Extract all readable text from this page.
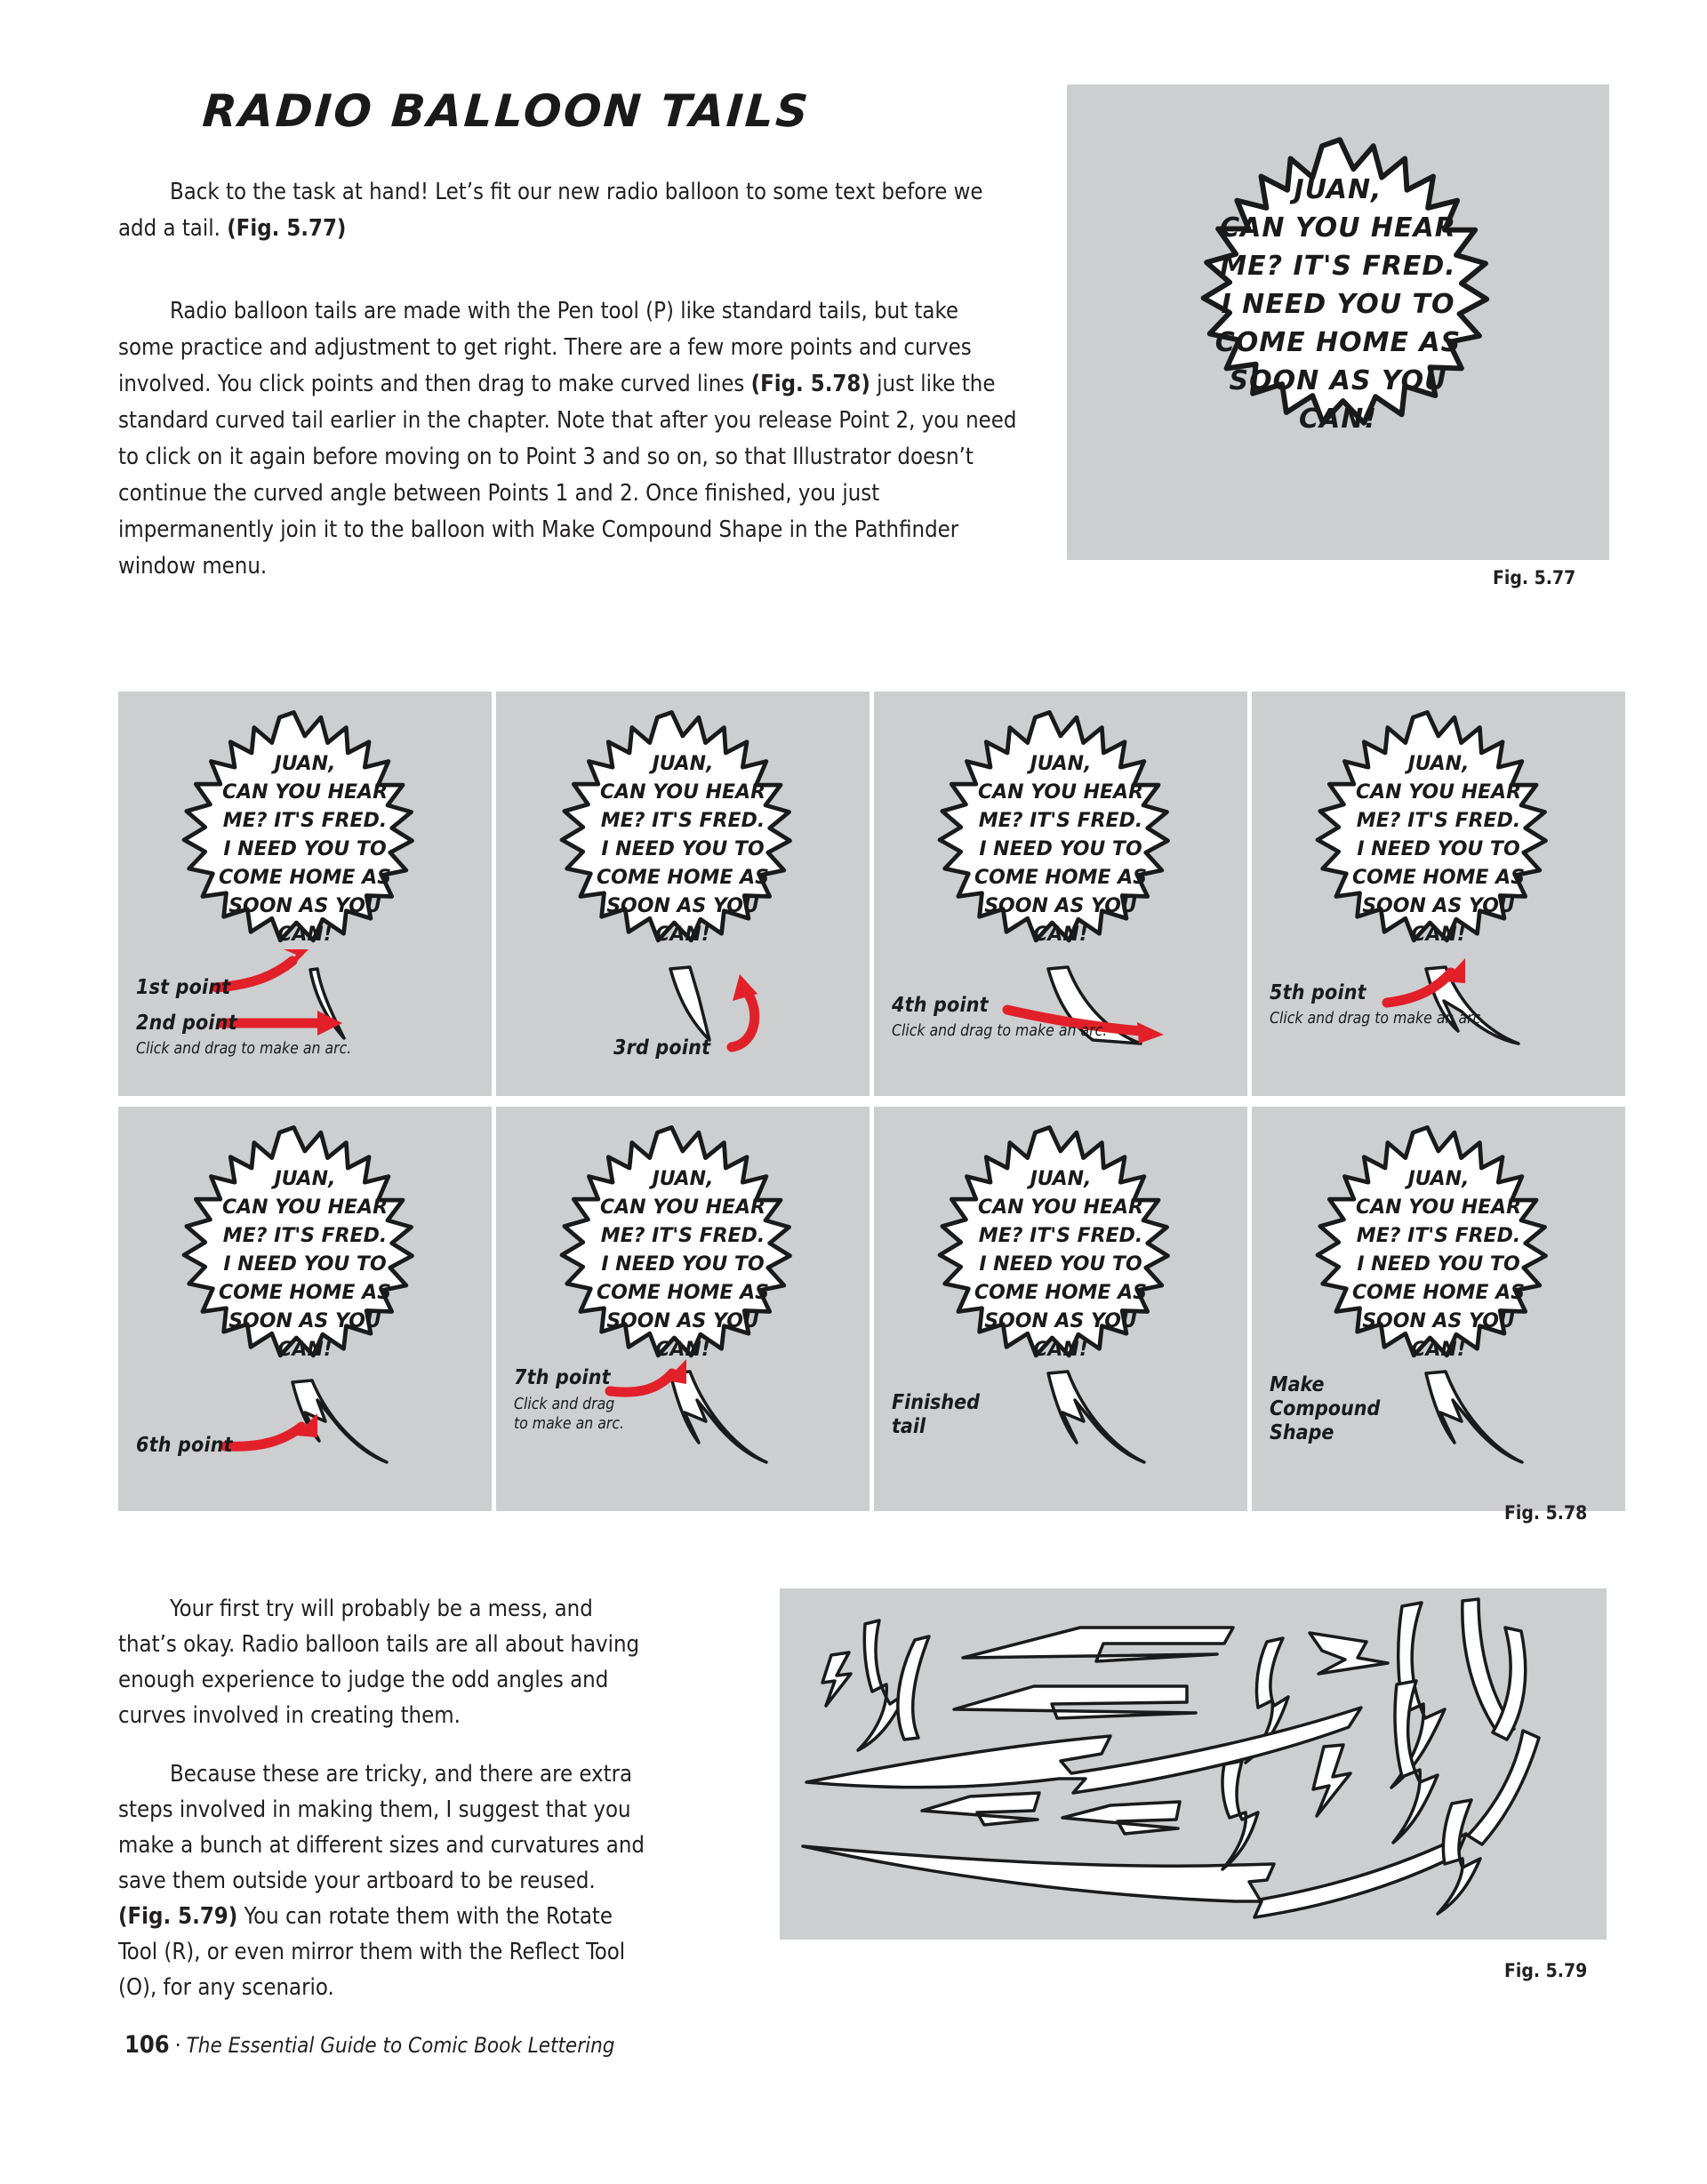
RADIO BALLOON TAILS

Back to the task at hand! Let’s fit our new radio balloon to some text before we add a tail. (Fig. 5.77)

Radio balloon tails are made with the Pen tool (P) like standard tails, but take some practice and adjustment to get right. There are a few more points and curves involved. You click points and then drag to make curved lines (Fig. 5.78) just like the standard curved tail earlier in the chapter. Note that after you release Point 2, you need to click on it again before moving on to Point 3 and so on, so that Illustrator doesn’t continue the curved angle between Points 1 and 2. Once finished, you just impermanently join it to the balloon with Make Compound Shape in the Pathfinder window menu.

JUAN,
CAN YOU HEAR
ME? IT'S FRED.
I NEED YOU TO
COME HOME AS
SOON AS YOU
CAN!
Fig. 5.77
JUAN,
CAN YOU HEAR
ME? IT'S FRED.
I NEED YOU TO
COME HOME AS
SOON AS YOU
CAN!
1st point
2nd point
Click and drag to make an arc.
JUAN,
CAN YOU HEAR
ME? IT'S FRED.
I NEED YOU TO
COME HOME AS
SOON AS YOU
CAN!
3rd point
JUAN,
CAN YOU HEAR
ME? IT'S FRED.
I NEED YOU TO
COME HOME AS
SOON AS YOU
CAN!
4th point
Click and drag to make an arc.
JUAN,
CAN YOU HEAR
ME? IT'S FRED.
I NEED YOU TO
COME HOME AS
SOON AS YOU
CAN!
5th point
Click and drag to make an arc.
JUAN,
CAN YOU HEAR
ME? IT'S FRED.
I NEED YOU TO
COME HOME AS
SOON AS YOU
CAN!
6th point
JUAN,
CAN YOU HEAR
ME? IT'S FRED.
I NEED YOU TO
COME HOME AS
SOON AS YOU
CAN!
7th point
Click and drag to make an arc.
JUAN,
CAN YOU HEAR
ME? IT'S FRED.
I NEED YOU TO
COME HOME AS
SOON AS YOU
CAN!
Finished
tail
JUAN,
CAN YOU HEAR
ME? IT'S FRED.
I NEED YOU TO
COME HOME AS
SOON AS YOU
CAN!
Make
Compound
Shape
Fig. 5.78

Your first try will probably be a mess, and that’s okay. Radio balloon tails are all about having enough experience to judge the odd angles and curves involved in creating them.

Because these are tricky, and there are extra steps involved in making them, I suggest that you make a bunch at different sizes and curvatures and save them outside your artboard to be reused. (Fig. 5.79) You can rotate them with the Rotate Tool (R), or even mirror them with the Reflect Tool (O), for any scenario.

Fig. 5.79
106 · The Essential Guide to Comic Book Lettering
